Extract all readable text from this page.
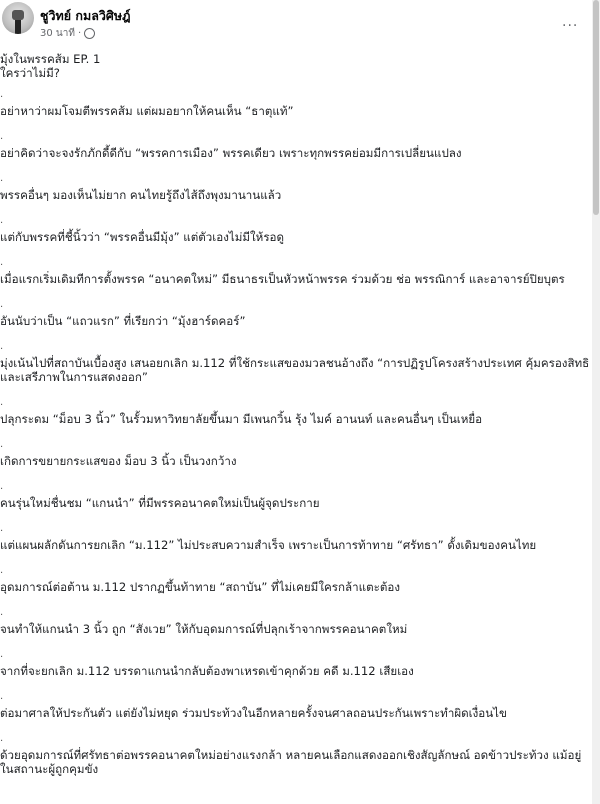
ชูวิทย์ กมลวิศิษฎ์
30 นาที ·
...
มุ้งในพรรคส้ม EP. 1
ใครว่าไม่มี?
.
อย่าหาว่าผมโจมตีพรรคส้ม แต่ผมอยากให้คนเห็น “ธาตุแท้”
.
อย่าคิดว่าจะจงรักภักดี้ดีกับ “พรรคการเมือง” พรรคเดียว เพราะทุกพรรคย่อมมีการเปลี่ยนแปลง
.
พรรคอื่นๆ มองเห็นไม่ยาก คนไทยรู้ถึงไส้ถึงพุงมานานแล้ว
.
แต่กับพรรคที่ชี้นิ้วว่า “พรรคอื่นมีมุ้ง” แต่ตัวเองไม่มีให้รอดู
.
เมื่อแรกเริ่มเดิมทีการตั้งพรรค “อนาคตใหม่” มีธนาธรเป็นหัวหน้าพรรค ร่วมด้วย ช่อ พรรณิการ์ และอาจารย์ปิยบุตร
.
อันนับว่าเป็น “แถวแรก” ที่เรียกว่า “มุ้งฮาร์ดคอร์”
.
มุ่งเน้นไปที่สถาบันเบื้องสูง เสนอยกเลิก ม.112 ที่ใช้กระแสของมวลชนอ้างถึง “การปฏิรูปโครงสร้างประเทศ คุ้มครองสิทธิและเสรีภาพในการแสดงออก”
.
ปลุกระดม “ม็อบ 3 นิ้ว” ในรั้วมหาวิทยาลัยขึ้นมา มีเพนกวิ้น รุ้ง ไมค์ อานนท์ และคนอื่นๆ เป็นเหยื่อ
.
เกิดการขยายกระแสของ ม็อบ 3 นิ้ว เป็นวงกว้าง
.
คนรุ่นใหม่ชื่นชม “แกนนำ” ที่มีพรรคอนาคตใหม่เป็นผู้จุดประกาย
.
แต่แผนผลักดันการยกเลิก “ม.112” ไม่ประสบความสำเร็จ เพราะเป็นการท้าทาย “ศรัทธา” ดั้งเดิมของคนไทย
.
อุดมการณ์ต่อต้าน ม.112 ปรากฏขึ้นท้าทาย “สถาบัน” ที่ไม่เคยมีใครกล้าแตะต้อง
.
จนทำให้แกนนำ 3 นิ้ว ถูก “สังเวย” ให้กับอุดมการณ์ที่ปลุกเร้าจากพรรคอนาคตใหม่
.
จากที่จะยกเลิก ม.112 บรรดาแกนนำกลับต้องพาเหรดเข้าคุกด้วย คดี ม.112 เสียเอง
.
ต่อมาศาลให้ประกันตัว แต่ยังไม่หยุด ร่วมประท้วงในอีกหลายครั้งจนศาลถอนประกันเพราะทำผิดเงื่อนไข
.
ด้วยอุดมการณ์ที่ศรัทธาต่อพรรคอนาคตใหม่อย่างแรงกล้า หลายคนเลือกแสดงออกเชิงสัญลักษณ์ อดข้าวประท้วง แม้อยู่ในสถานะผู้ถูกคุมขัง
